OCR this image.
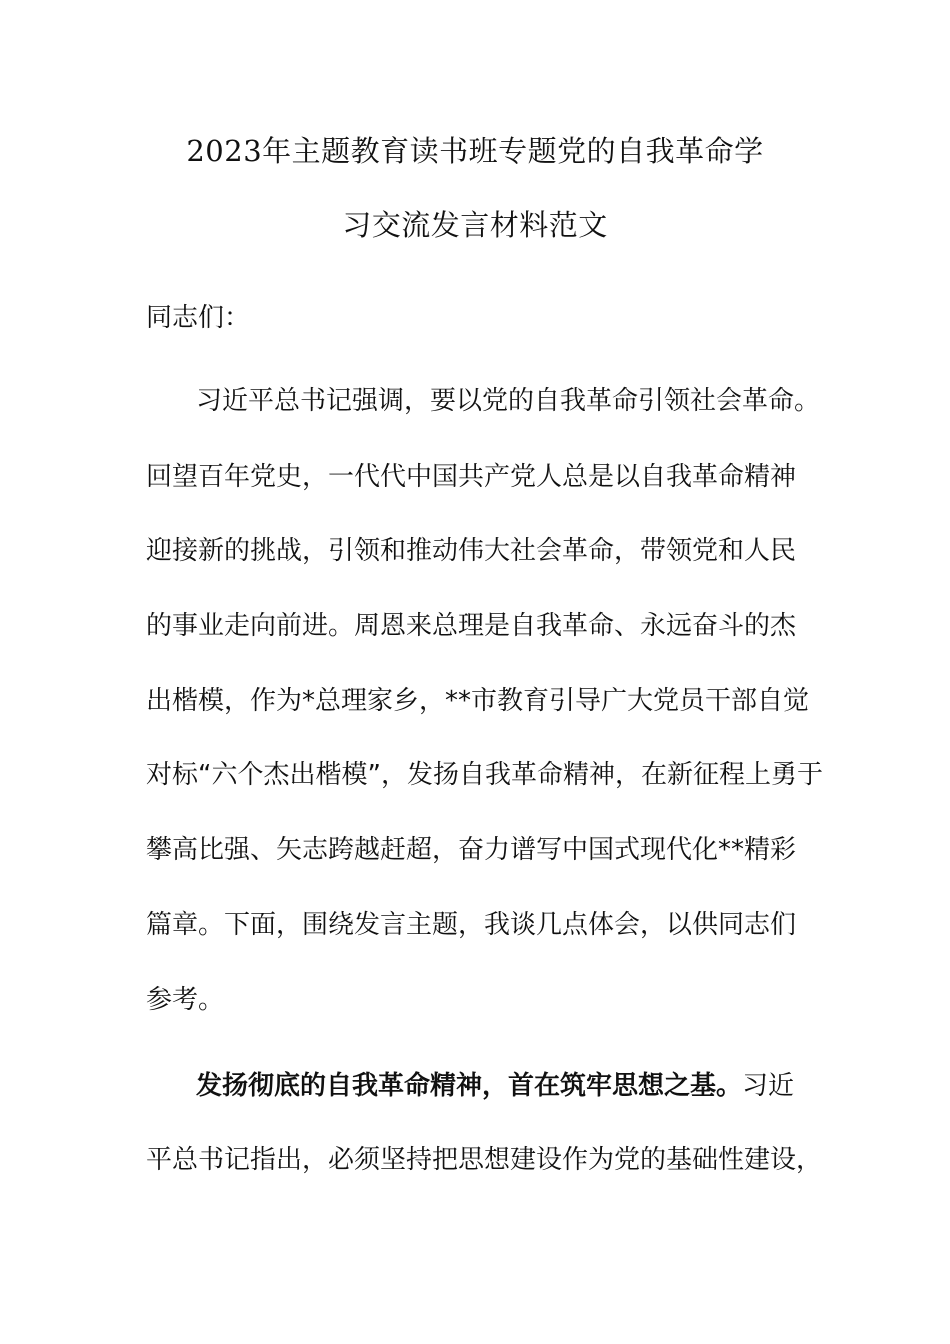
2023年主题教育读书班专题党的自我革命学
习交流发言材料范文
同志们：
习近平总书记强调，要以党的自我革命引领社会革命。
回望百年党史，一代代中国共产党人总是以自我革命精神
迎接新的挑战，引领和推动伟大社会革命，带领党和人民
的事业走向前进。周恩来总理是自我革命、永远奋斗的杰
出楷模，作为*总理家乡，**市教育引导广大党员干部自觉
对标“六个杰出楷模”，发扬自我革命精神，在新征程上勇于
攀高比强、矢志跨越赶超，奋力谱写中国式现代化**精彩
篇章。下面，围绕发言主题，我谈几点体会，以供同志们
参考。
发扬彻底的自我革命精神，首在筑牢思想之基。习近
平总书记指出，必须坚持把思想建设作为党的基础性建设，
